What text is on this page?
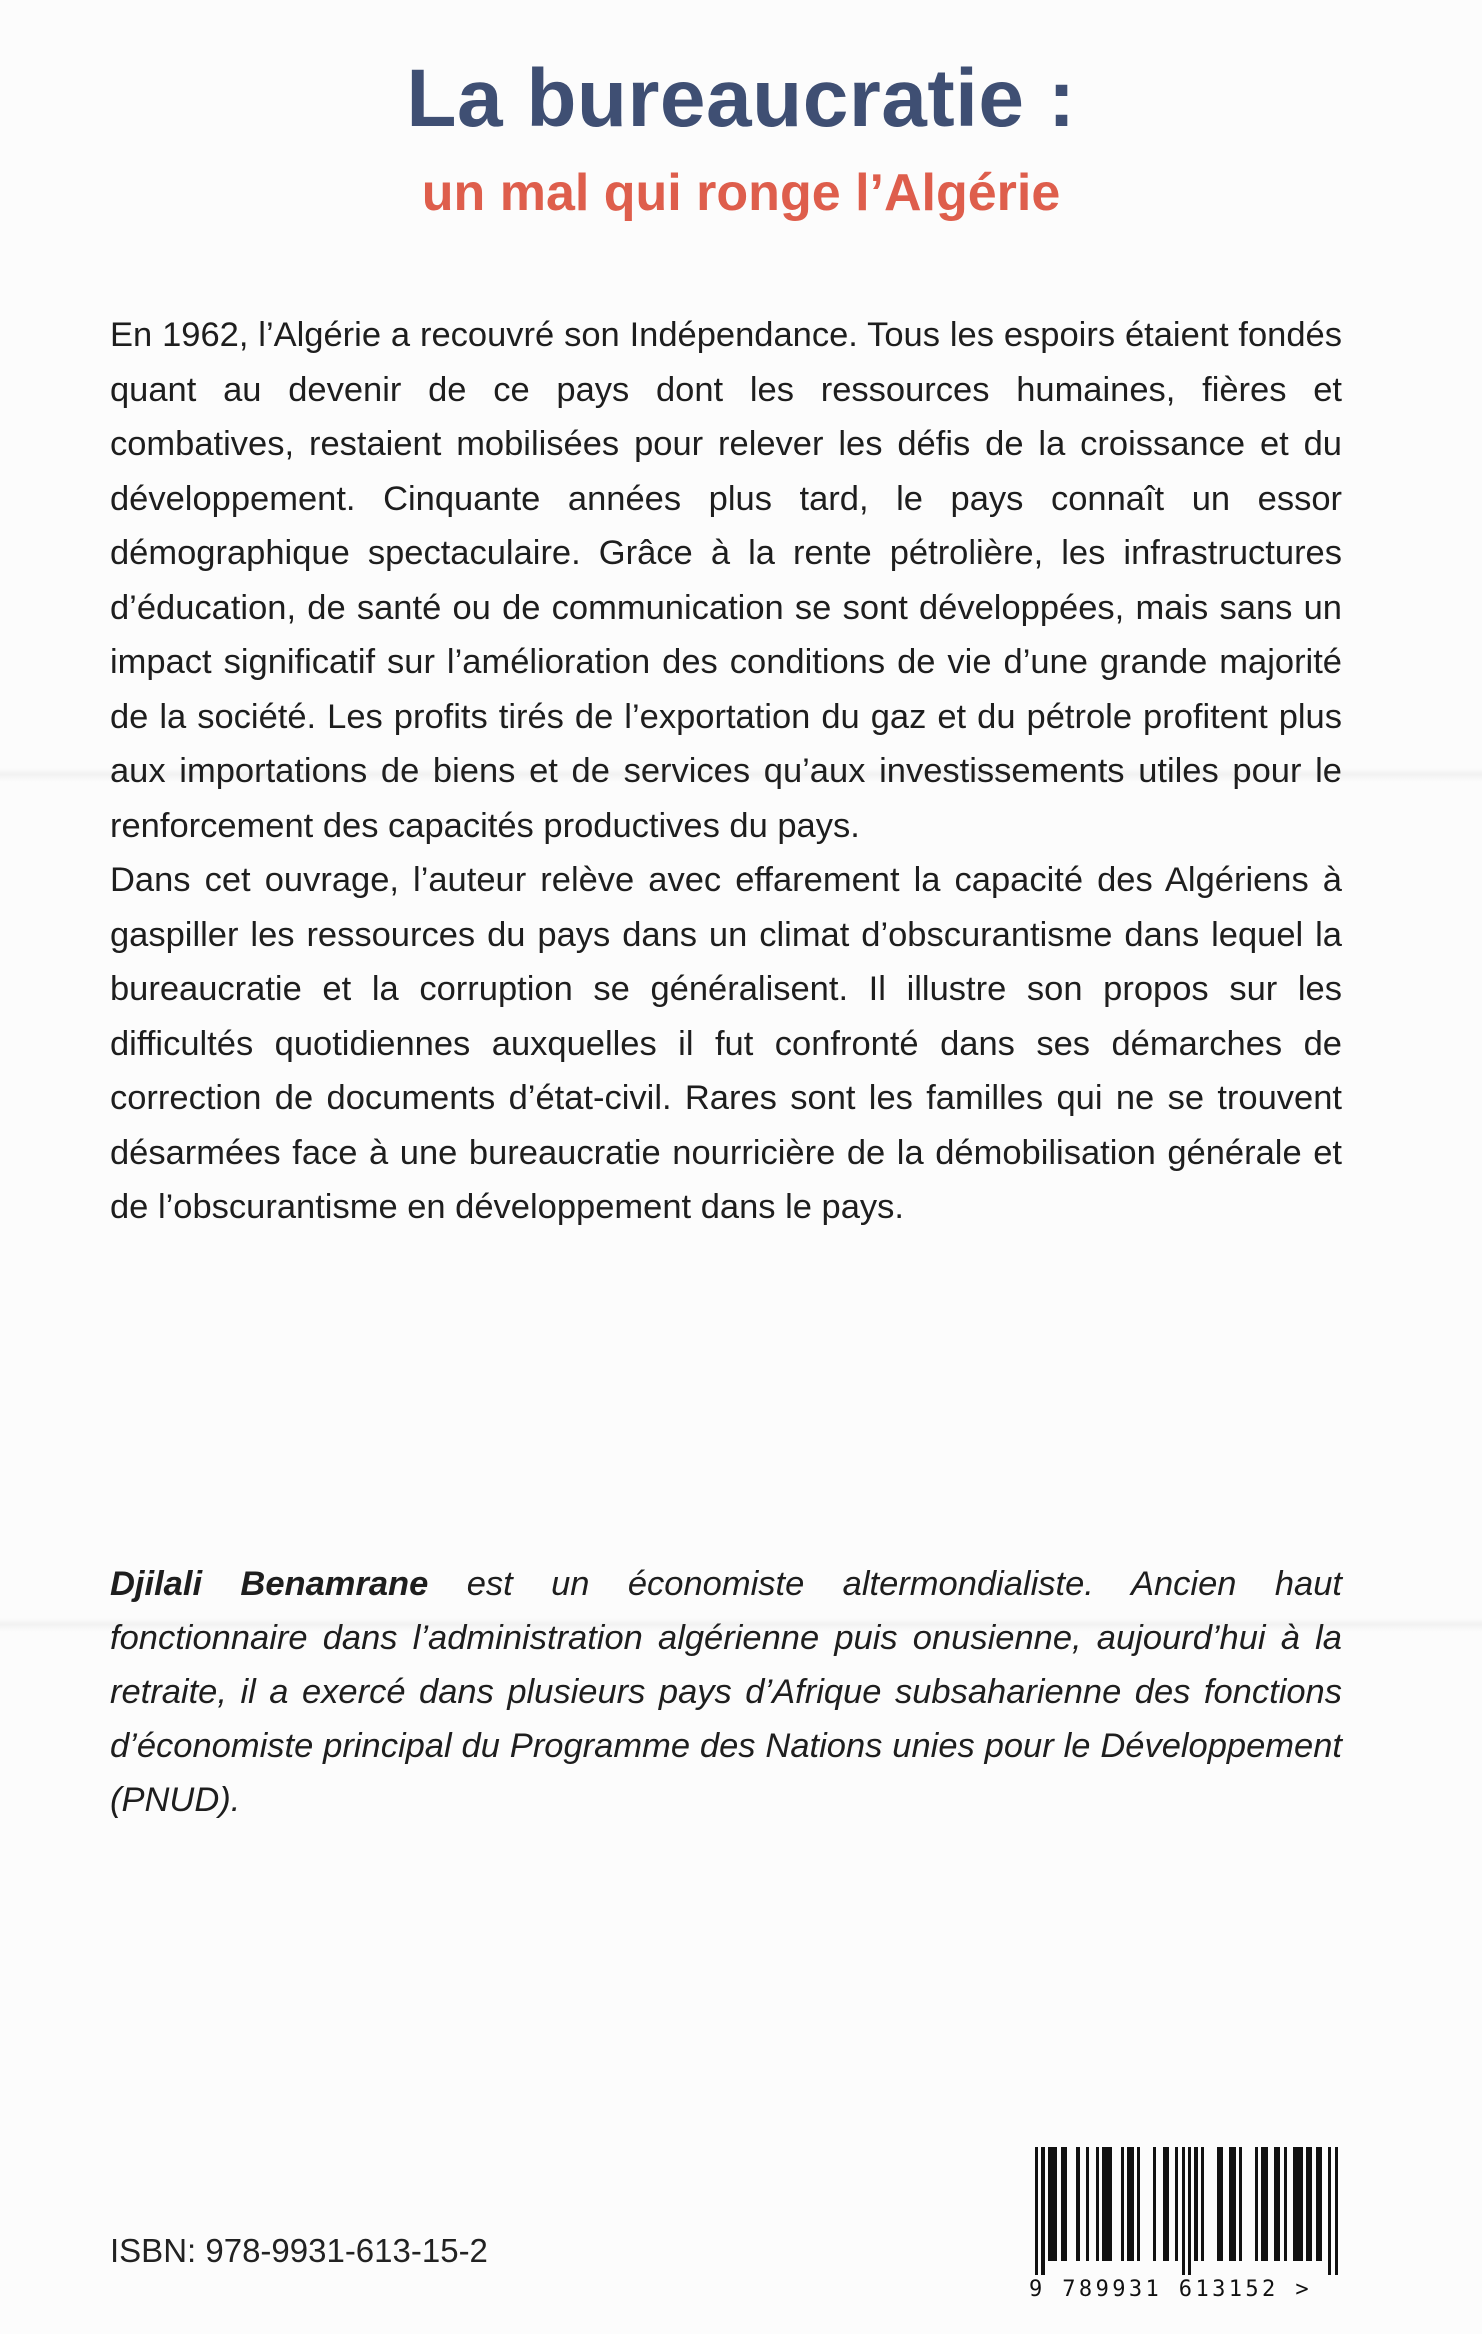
La bureaucratie :
un mal qui ronge l’Algérie

En 1962, l’Algérie a recouvré son Indépendance. Tous les espoirs étaient fondés quant au devenir de ce pays dont les ressources humaines, fières et combatives, restaient mobilisées pour relever les défis de la croissance et du développement. Cinquante années plus tard, le pays connaît un essor démographique spectaculaire. Grâce à la rente pétrolière, les infrastructures d’éducation, de santé ou de communication se sont développées, mais sans un impact significatif sur l’amélioration des conditions de vie d’une grande majorité de la société. Les profits tirés de l’exportation du gaz et du pétrole profitent plus aux importations de biens et de services qu’aux investissements utiles pour le renforcement des capacités productives du pays.

Dans cet ouvrage, l’auteur relève avec effarement la capacité des Algériens à gaspiller les ressources du pays dans un climat d’obscurantisme dans lequel la bureaucratie et la corruption se généralisent. Il illustre son propos sur les difficultés quotidiennes auxquelles il fut confronté dans ses démarches de correction de documents d’état-civil. Rares sont les familles qui ne se trouvent désarmées face à une bureaucratie nourricière de la démobilisation générale et de l’obscurantisme en développement dans le pays.

Djilali Benamrane est un économiste altermondialiste. Ancien haut fonctionnaire dans l’administration algérienne puis onusienne, aujourd’hui à la retraite, il a exercé dans plusieurs pays d’Afrique subsaharienne des fonctions d’économiste principal du Programme des Nations unies pour le Développement (PNUD).
ISBN: 978-9931-613-15-2
9 789931 613152 >
